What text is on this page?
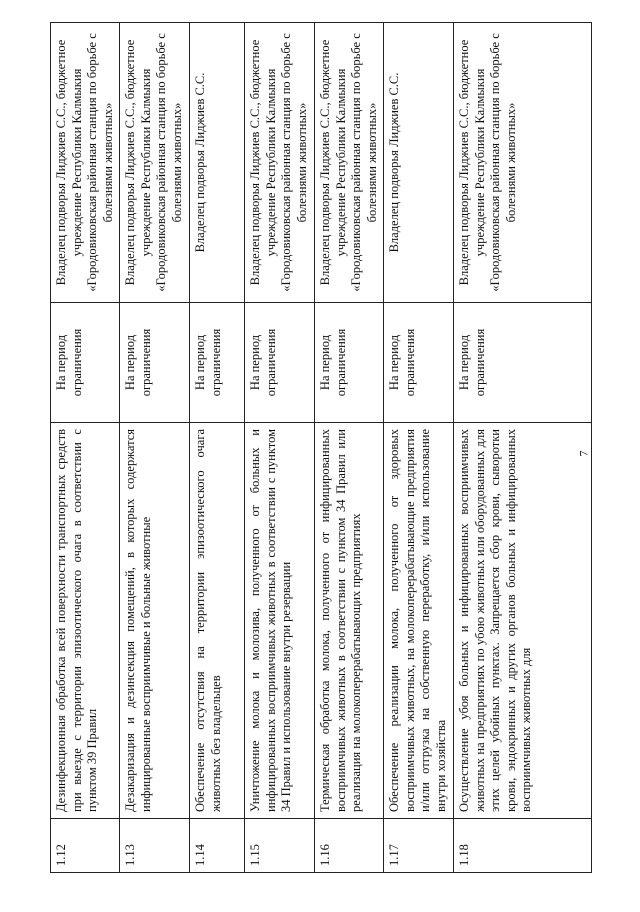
1.12	Дезинфекционная обработка всей поверхности транспортных средств при выезде с территории эпизоотического очага в соответствии с пунктом 39 Правил	На период ограничения	Владелец подворья Лиджиев С.С., бюджетное учреждение Республики Калмыкия «Городовиковская районная станция по борьбе с болезнями животных»
1.13	Дезакаризация и дезинсекция помещений, в которых содержатся инфицированные восприимчивые и больные животные	На период ограничения	Владелец подворья Лиджиев С.С., бюджетное учреждение Республики Калмыкия «Городовиковская районная станция по борьбе с болезнями животных»
1.14	Обеспечение отсутствия на территории эпизоотического очага животных без владельцев	На период ограничения	Владелец подворья Лиджиев С.С.
1.15	Уничтожение молока и молозива, полученного от больных и инфицированных восприимчивых животных в соответствии с пунктом 34 Правил и использование внутри резервации	На период ограничения	Владелец подворья Лиджиев С.С., бюджетное учреждение Республики Калмыкия «Городовиковская районная станция по борьбе с болезнями животных»
1.16	Термическая обработка молока, полученного от инфицированных восприимчивых животных в соответствии с пунктом 34 Правил или реализация на молокоперерабатывающих предприятиях	На период ограничения	Владелец подворья Лиджиев С.С., бюджетное учреждение Республики Калмыкия «Городовиковская районная станция по борьбе с болезнями животных»
1.17	Обеспечение реализации молока, полученного от здоровых восприимчивых животных, на молокоперерабатывающие предприятия и/или отгрузка на собственную переработку, и/или использование внутри хозяйства	На период ограничения	Владелец подворья Лиджиев С.С.
1.18	Осуществление убоя больных и инфицированных восприимчивых животных на предприятиях по убою животных или оборудованных для этих целей убойных пунктах. Запрещается сбор крови, сыворотки крови, эндокринных и других органов больных и инфицированных восприимчивых животных для	На период ограничения	Владелец подворья Лиджиев С.С., бюджетное учреждение Республики Калмыкия «Городовиковская районная станция по борьбе с болезнями животных»
7
